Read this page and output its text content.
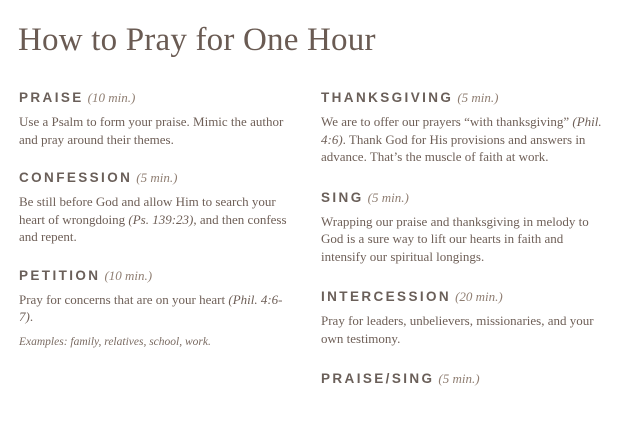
How to Pray for One Hour
PRAISE (10 min.)
Use a Psalm to form your praise. Mimic the author and pray around their themes.
CONFESSION (5 min.)
Be still before God and allow Him to search your heart of wrongdoing (Ps. 139:23), and then confess and repent.
PETITION (10 min.)
Pray for concerns that are on your heart (Phil. 4:6-7).
Examples: family, relatives, school, work.
THANKSGIVING (5 min.)
We are to offer our prayers “with thanksgiving” (Phil. 4:6). Thank God for His provisions and answers in advance. That’s the muscle of faith at work.
SING (5 min.)
Wrapping our praise and thanksgiving in melody to God is a sure way to lift our hearts in faith and intensify our spiritual longings.
INTERCESSION (20 min.)
Pray for leaders, unbelievers, missionaries, and your own testimony.
PRAISE/SING (5 min.)
